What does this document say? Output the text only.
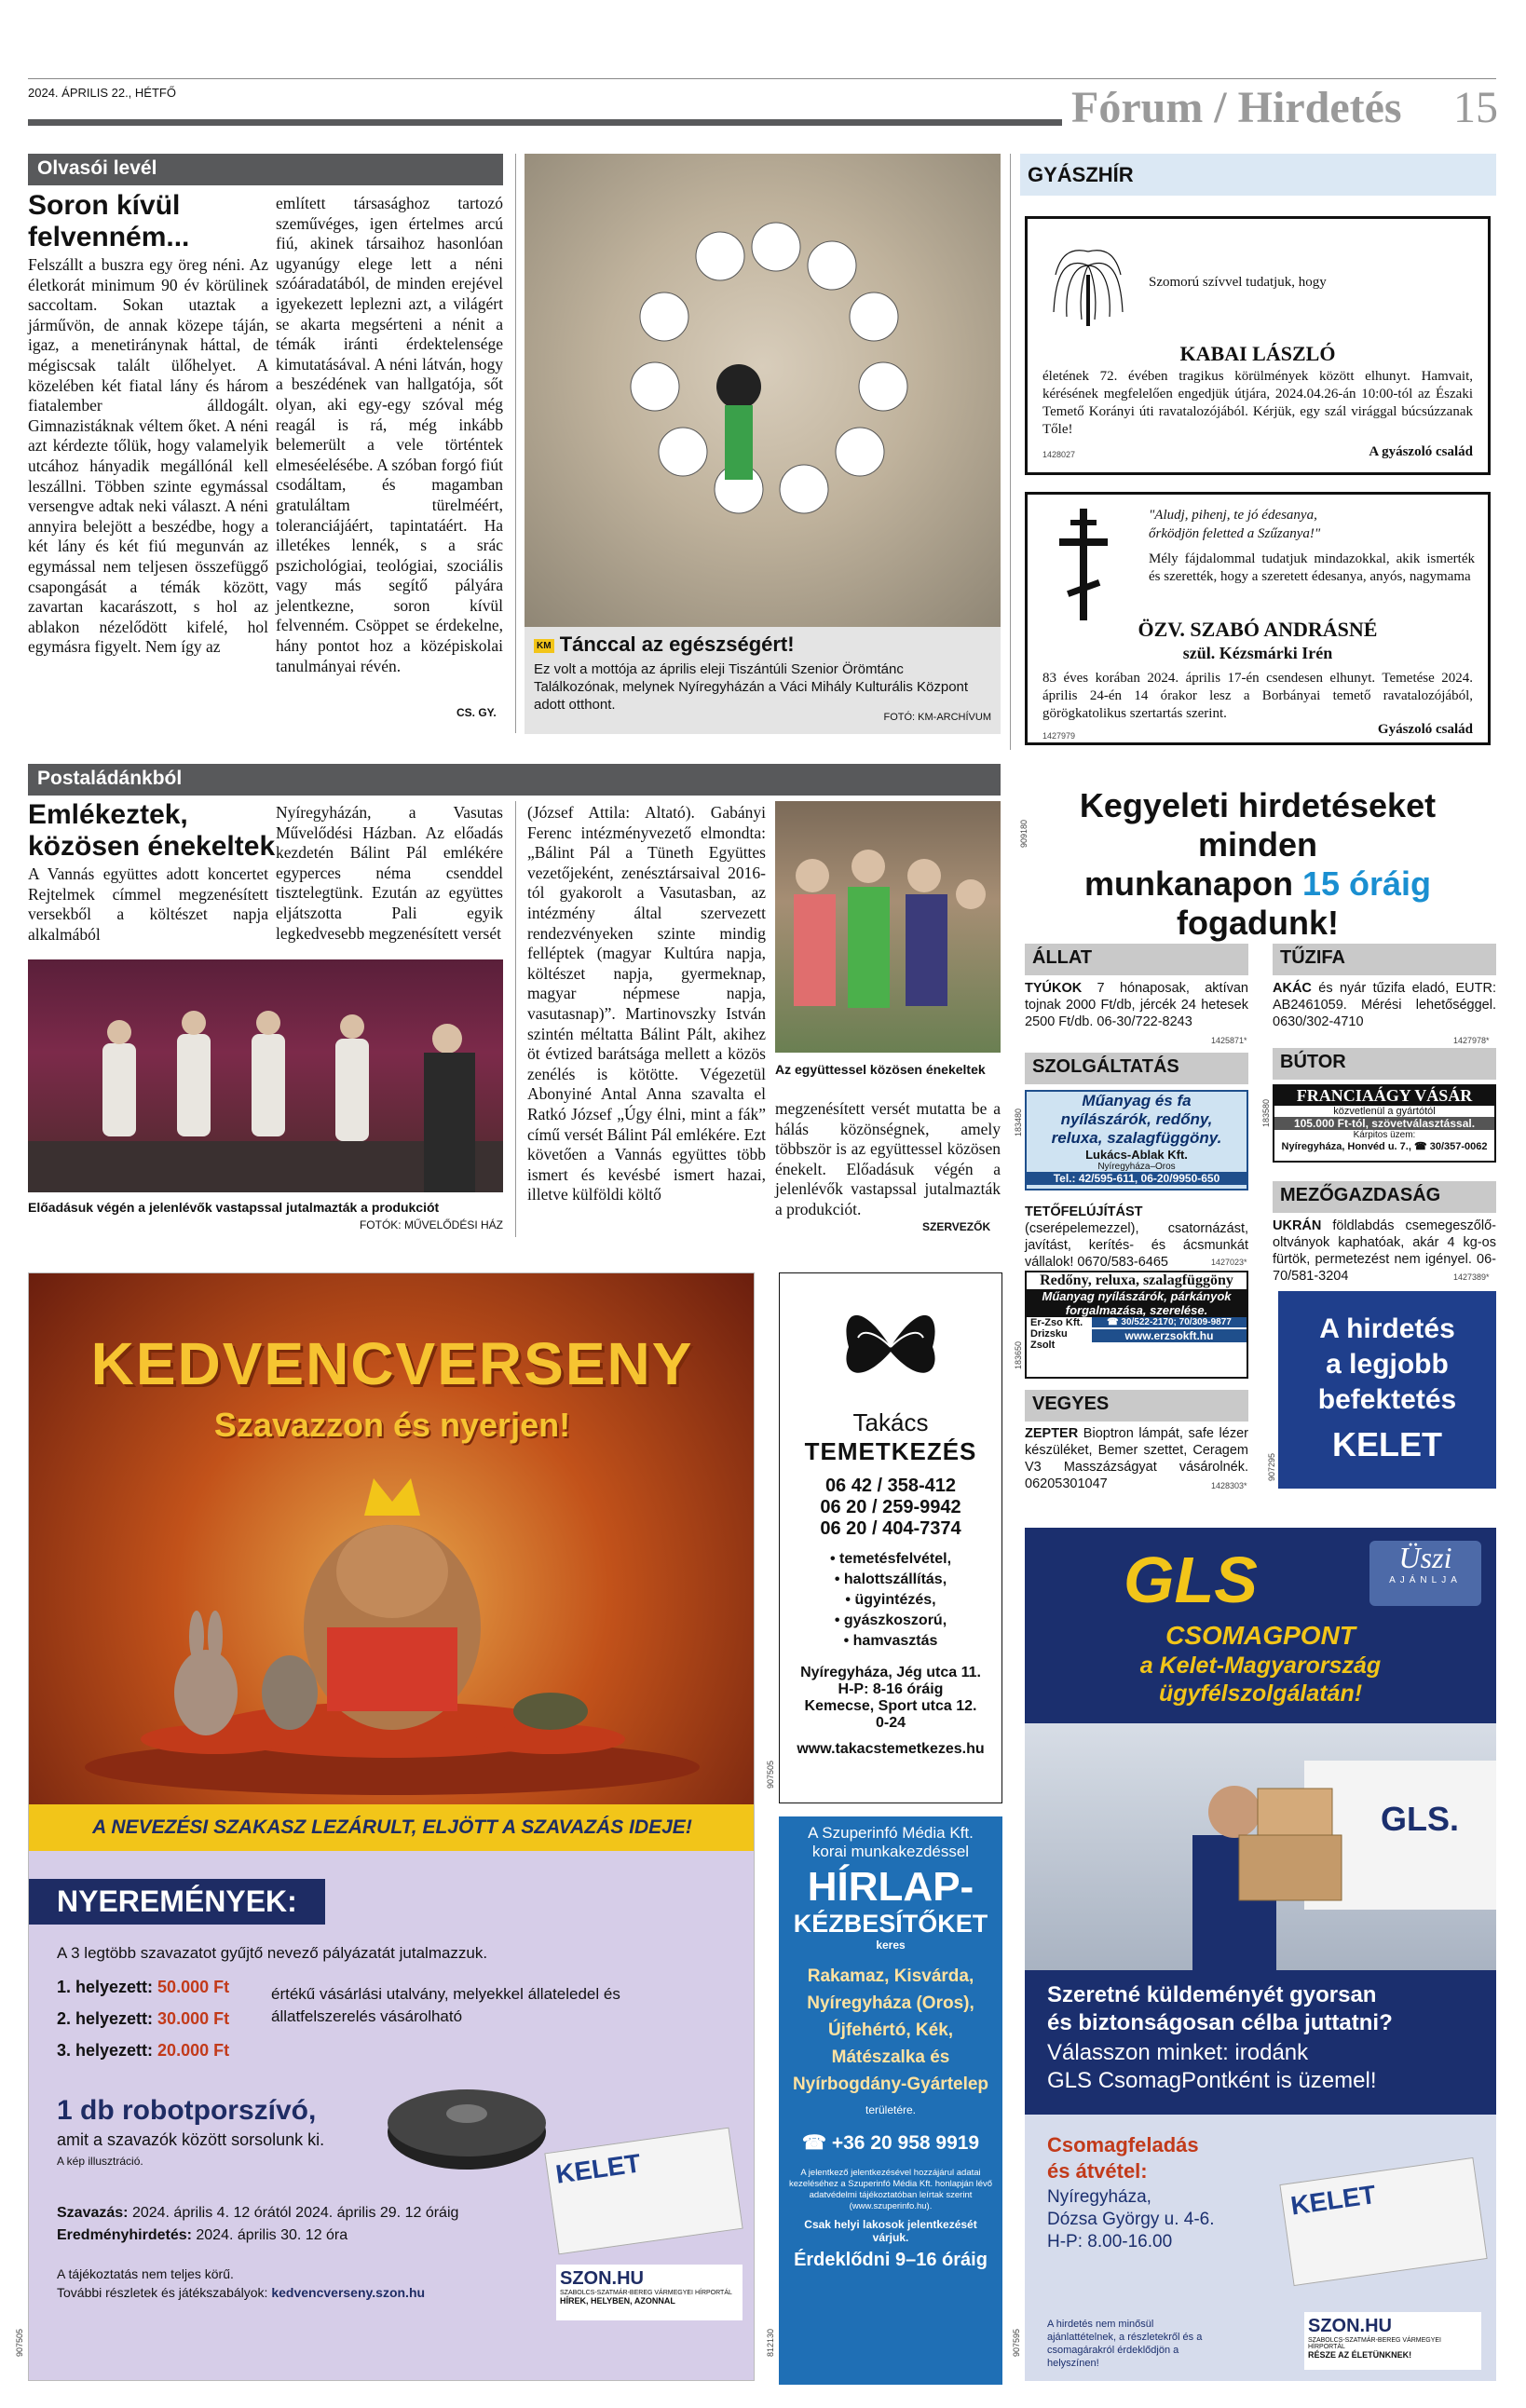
2024. ÁPRILIS 22., HÉTFŐ	Fórum / Hirdetés 15
Olvasói levél
Soron kívül felvenném...
Felszállt a buszra egy öreg néni. Az életkorát minimum 90 év körülinek saccoltam. Sokan utaztak a járművön, de annak közepe táján, igaz, a menetiránynak háttal, de mégiscsak talált ülőhelyet. A közelében két fiatal lány és három fiatalember álldogált. Gimnazistáknak véltem őket. A néni azt kérdezte tőlük, hogy valamelyik utcához hányadik megállónál kell leszállni. Többen szinte egymással versengve adtak neki választ. A néni annyira belejött a beszédbe, hogy a két lány és két fiú megunván az egymással nem teljesen összefüggő csapongását a témák között, zavartan kacarászott, s hol az ablakon nézelődött kifelé, hol egymásra figyelt. Nem így az
említett társasághoz tartozó szeművéges, igen értelmes arcú fiú, akinek társaihoz hasonlóan ugyanúgy elege lett a néni szóáradatából, de minden erejével igyekezett leplezni azt, a világért se akarta megsérteni a nénit a témák iránti érdektelensége kimutatásával. A néni látván, hogy a beszédének van hallgatója, sőt olyan, aki egy-egy szóval még reagál is rá, még inkább belemerült a vele történtek elmeséelésébe. A szóban forgó fiút csodáltam, és magamban gratuláltam türelméért, toleranciájáért, tapintatáért. Ha illetékes lennék, s a srác pszichológiai, teológiai, szociális vagy más segítő pályára jelentkezne, soron kívül felvenném. Csöppet se érdekelne, hány pontot hoz a középiskolai tanulmányai révén.
CS. GY.
KM Tánccal az egészségért!
Ez volt a mottója az április eleji Tiszántúli Szenior Örömtánc Találkozónak, melynek Nyíregyházán a Váci Mihály Kulturális Központ adott otthont.
FOTÓ: KM-ARCHÍVUM
GYÁSZHÍR
Szomorú szívvel tudatjuk, hogy
KABAI LÁSZLÓ
életének 72. évében tragikus körülmények között elhunyt. Hamvait, kérésének megfelelően engedjük útjára, 2024.04.26-án 10:00-tól az Északi Temető Korányi úti ravatalozójából. Kérjük, egy szál virággal búcsúzzanak Tőle!
1428027	A gyászoló család
"Aludj, pihenj, te jó édesanya,
őrködjön feletted a Szűzanya!"
Mély fájdalommal tudatjuk mindazokkal, akik ismerték és szerették, hogy a szeretett édesanya, anyós, nagymama
ÖZV. SZABÓ ANDRÁSNÉ
szül. Kézsmárki Irén
83 éves korában 2024. április 17-én csendesen elhunyt. Temetése 2024. április 24-én 14 órakor lesz a Borbányai temető ravatalozójából, görögkatolikus szertartás szerint.
1427979	Gyászoló család
Kegyeleti hirdetéseket minden
munkanapon 15 óráig fogadunk!
909180
Postaládánkból
Emlékeztek, közösen énekeltek
A Vannás együttes adott koncertet Rejtelmek címmel megzenésített versekből a költészet napja alkalmából
Nyíregyházán, a Vasutas Művelődési Házban. Az előadás kezdetén Bálint Pál emlékére egyperces néma csenddel tisztelegtünk. Ezután az együttes eljátszotta Pali egyik legkedvesebb megzenésített versét
Előadásuk végén a jelenlévők vastapssal jutalmazták a produkciót
FOTÓK: MŰVELŐDÉSI HÁZ
(József Attila: Altató). Gabányi Ferenc intézményvezető elmondta: „Bálint Pál a Tüneth Együttes vezetőjeként, zenésztársaival 2016-tól gyakorolt a Vasutasban, az intézmény által szervezett rendezvényeken szinte mindig felléptek (magyar Kultúra napja, költészet napja, gyermeknap, magyar népmese napja, vasutasnap)”. Martinovszky István szintén méltatta Bálint Pált, akihez öt évtized barátsága mellett a közös zenélés is kötötte. Végezetül Abonyiné Antal Anna szavalta el Ratkó József „Úgy élni, mint a fák” című versét Bálint Pál emlékére. Ezt követően a Vannás együttes több ismert és kevésbé ismert hazai, illetve külföldi költő
Az együttessel közösen énekeltek
megzenésített versét mutatta be a hálás közönségnek, amely többször is az együttessel közösen énekelt. Előadásuk végén a jelenlévők vastapssal jutalmazták a produkciót.
SZERVEZŐK
ÁLLAT
TYÚKOK 7 hónaposak, aktívan tojnak 2000 Ft/db, jércék 24 hetesek 2500 Ft/db. 06-30/722-8243
1425871*
TŰZIFA
AKÁC és nyár tűzifa eladó, EUTR: AB2461059. Mérési lehetőséggel. 0630/302-4710
1427978*
SZOLGÁLTATÁS
Műanyag és fa
nyílászárók, redőny,
reluxa, szalagfüggöny.
Lukács-Ablak Kft.
Nyíregyháza–Oros
Tel.: 42/595-611, 06-20/9950-650
183480
BÚTOR
FRANCIAÁGY VÁSÁR
közvetlenül a gyártótól
105.000 Ft-tól, szövetválasztással.
Kárpitos üzem:
Nyíregyháza, Honvéd u. 7., ☎ 30/357-0062
183580
TETŐFELÚJÍTÁST (cserépelemezzel), csatornázást, javítást, kerítés- és ácsmunkát vállalok! 0670/583-6465	1427023*
MEZŐGAZDASÁG
UKRÁN földlabdás csemegeszőlő-oltványok kaphatóak, akár 4 kg-os fürtök, permetezést nem igényel. 06-70/581-3204	1427389*
Redőny, reluxa, szalagfüggöny
Műanyag nyílászárók, párkányok
forgalmazása, szerelése.
Er-Zso Kft.
Drizsku Zsolt
☎ 30/522-2170; 70/309-9877
www.erzsokft.hu
183650
A hirdetés
a legjobb
befektetés
KELET
907295
VEGYES
ZEPTER Bioptron lámpát, safe lézer készüléket, Bemer szettet, Ceragem V3 Masszázságyat vásárolnék. 06205301047	1428303*
KEDVENCVERSENY
Szavazzon és nyerjen!
A NEVEZÉSI SZAKASZ LEZÁRULT, ELJÖTT A SZAVAZÁS IDEJE!
NYEREMÉNYEK:
A 3 legtöbb szavazatot gyűjtő nevező pályázatát jutalmazzuk.
1. helyezett: 50.000 Ft
2. helyezett: 30.000 Ft
3. helyezett: 20.000 Ft
értékű vásárlási utalvány, melyekkel állateledel és állatfelszerelés vásárolható
1 db robotporszívó,
amit a szavazók között sorsolunk ki.
A kép illusztráció.	KELET
Szavazás: 2024. április 4. 12 órától 2024. április 29. 12 óráig
Eredményhirdetés: 2024. április 30. 12 óra
A tájékoztatás nem teljes körű.
További részletek és játékszabályok: kedvencverseny.szon.hu
SZON.HU
SZABOLCS-SZATMÁR-BEREG VÁRMEGYEI HÍRPORTÁL
HÍREK, HELYBEN, AZONNAL
907505
Takács
TEMETKEZÉS
06 42 / 358-412
06 20 / 259-9942
06 20 / 404-7374
• temetésfelvétel,
• halottszállítás,
• ügyintézés,
• gyászkoszorú,
• hamvasztás
Nyíregyháza, Jég utca 11.
H-P: 8-16 óráig
Kemecse, Sport utca 12.
0-24
www.takacstemetkezes.hu
907505
A Szuperinfó Média Kft.
korai munkakezdéssel
HÍRLAP-
KÉZBESÍTŐKET
keres
Rakamaz, Kisvárda, Nyíregyháza (Oros), Újfehértó, Kék, Mátészalka és Nyírbogdány-Gyártelep
területére.
☎ +36 20 958 9919
A jelentkező jelentkezésével hozzájárul adatai kezeléséhez a Szuperinfó Média Kft. honlapján lévő adatvédelmi tájékoztatóban leírtak szerint (www.szuperinfo.hu).
Csak helyi lakosok jelentkezését várjuk.
Érdeklődni 9–16 óráig
812130
GLS	Üszi
AJÁNLJA
CSOMAGPONT
a Kelet-Magyarország
ügyfélszolgálatán!
GLS.
Szeretné küldeményét gyorsan
és biztonságosan célba juttatni?
Válasszon minket: irodánk
GLS CsomagPontként is üzemel!
Csomagfeladás
és átvétel:
Nyíregyháza,
Dózsa György u. 4-6.
H-P: 8.00-16.00
KELET
A hirdetés nem minősül ajánlattételnek, a részletekről és a csomagárakról érdeklődjön a helyszínen!
SZON.HU
SZABOLCS-SZATMÁR-BEREG VÁRMEGYEI HÍRPORTÁL
RÉSZE AZ ÉLETÜNKNEK!
907595
